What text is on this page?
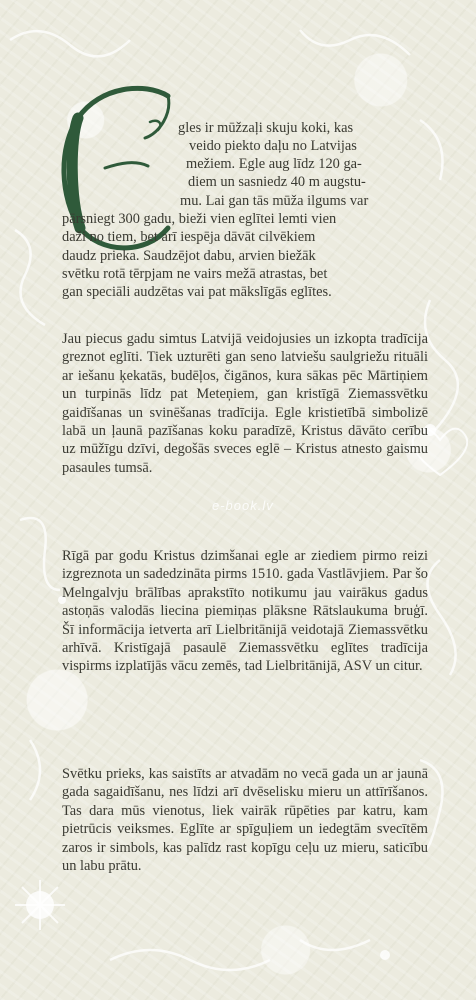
gles ir mūžzaļi skuju koki, kas
veido piekto daļu no Latvijas
mežiem. Egle aug līdz 120 ga-
diem un sasniedz 40 m augstu-
mu. Lai gan tās mūža ilgums var
pārsniegt 300 gadu, bieži vien eglītei lemti vien
daži no tiem, bet arī iespēja dāvāt cilvēkiem
daudz prieka. Saudzējot dabu, arvien biežāk
svētku rotā tērpjam ne vairs mežā atrastas, bet
gan speciāli audzētas vai pat mākslīgās eglītes.

Jau piecus gadu simtus Latvijā veidojusies un izkopta tradīcija greznot eglīti. Tiek uzturēti gan seno latviešu saulgriežu rituāli ar iešanu ķekatās, budēļos, čigānos, kura sākas pēc Mārtiņiem un turpinās līdz pat Meteņiem, gan kristīgā Ziemassvētku gaidīšanas un svinēšanas tradīcija. Egle kristietībā simbolizē labā un ļaunā pazīšanas koku paradīzē, Kristus dāvāto cerību uz mūžīgu dzīvi, degošās sveces eglē – Kristus atnesto gaismu pasaules tumsā.

Rīgā par godu Kristus dzimšanai egle ar ziediem pirmo reizi izgreznota un sadedzināta pirms 1510. gada Vastlāvjiem. Par šo Melngalvju brālības aprakstīto notikumu jau vairākus gadus astoņās valodās liecina piemiņas plāksne Rātslaukuma bruģī. Šī informācija ietverta arī Lielbritānijā veidotajā Ziemassvētku arhīvā. Kristīgajā pasaulē Ziemassvētku eglītes tradīcija vispirms izplatījās vācu zemēs, tad Lielbritānijā, ASV un citur.

Svētku prieks, kas saistīts ar atvadām no vecā gada un ar jaunā gada sagaidīšanu, nes līdzi arī dvēselisku mieru un attīrīšanos. Tas dara mūs vienotus, liek vairāk rūpēties par katru, kam pietrūcis veiksmes. Eglīte ar spīguļiem un iedegtām svecītēm zaros ir simbols, kas palīdz rast kopīgu ceļu uz mieru, saticību un labu prātu.

e-book.lv
